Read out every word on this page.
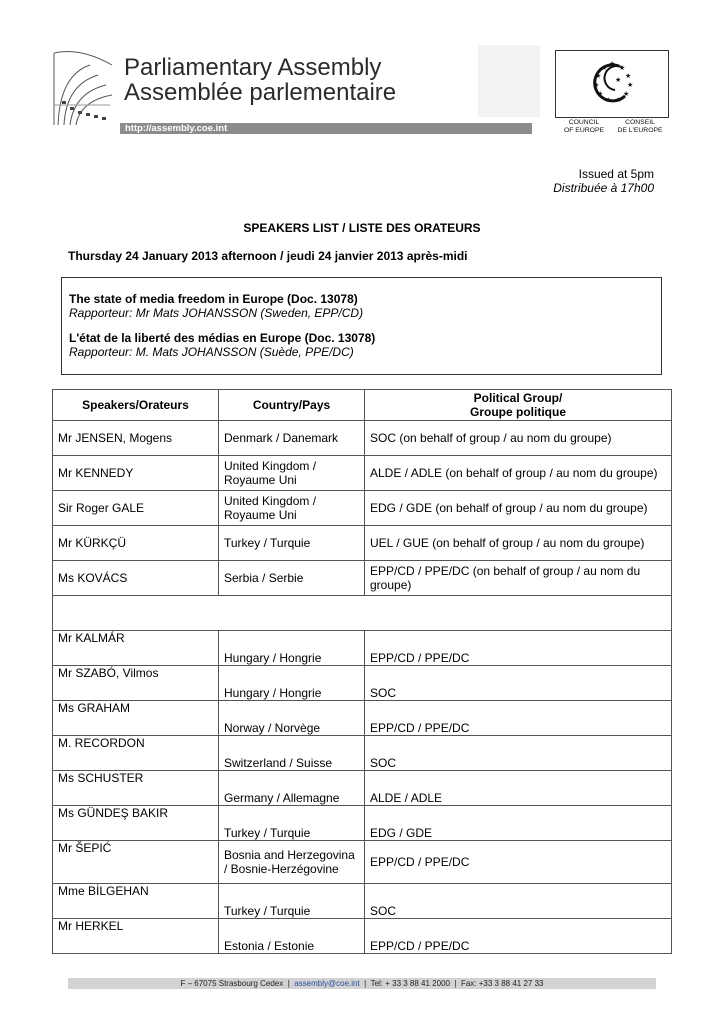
Parliamentary Assembly
Assemblée parlementaire
http://assembly.coe.int
★ ★
★
★
★
★
★
★
★
★
★
★
COUNCIL
OF EUROPE
CONSEIL
DE L'EUROPE
Issued at 5pm
Distribuée à 17h00
SPEAKERS LIST / LISTE DES ORATEURS
Thursday 24 January 2013 afternoon / jeudi 24 janvier 2013 après-midi
The state of media freedom in Europe (Doc. 13078)
Rapporteur: Mr Mats JOHANSSON (Sweden, EPP/CD)
L'état de la liberté des médias en Europe (Doc. 13078)
Rapporteur: M. Mats JOHANSSON (Suède, PPE/DC)
Speakers/Orateurs	Country/Pays	Political Group/
Groupe politique

Mr JENSEN, Mogens	Denmark / Danemark	SOC (on behalf of group / au nom du groupe)
Mr KENNEDY	United Kingdom / Royaume Uni	ALDE / ADLE (on behalf of group / au nom du groupe)
Sir Roger GALE	United Kingdom / Royaume Uni	EDG / GDE (on behalf of group / au nom du groupe)
Mr KÜRKÇÜ	Turkey / Turquie	UEL / GUE (on behalf of group / au nom du groupe)
Ms KOVÁCS	Serbia / Serbie	EPP/CD / PPE/DC (on behalf of group / au nom du groupe)

Mr KALMÁR	Hungary / Hongrie	EPP/CD / PPE/DC
Mr SZABÓ, Vilmos	Hungary / Hongrie	SOC
Ms GRAHAM	Norway / Norvège	EPP/CD / PPE/DC
M. RECORDON	Switzerland / Suisse	SOC
Ms SCHUSTER	Germany / Allemagne	ALDE / ADLE
Ms GÜNDEŞ BAKIR	Turkey / Turquie	EDG / GDE
Mr ŠEPIĆ	Bosnia and Herzegovina / Bosnie-Herzégovine	EPP/CD / PPE/DC
Mme BİLGEHAN	Turkey / Turquie	SOC
Mr HERKEL	Estonia / Estonie	EPP/CD / PPE/DC
F – 67075 Strasbourg Cedex  |  assembly@coe.int  |  Tel: + 33 3 88 41 2000  |  Fax: +33 3 88 41 27 33
